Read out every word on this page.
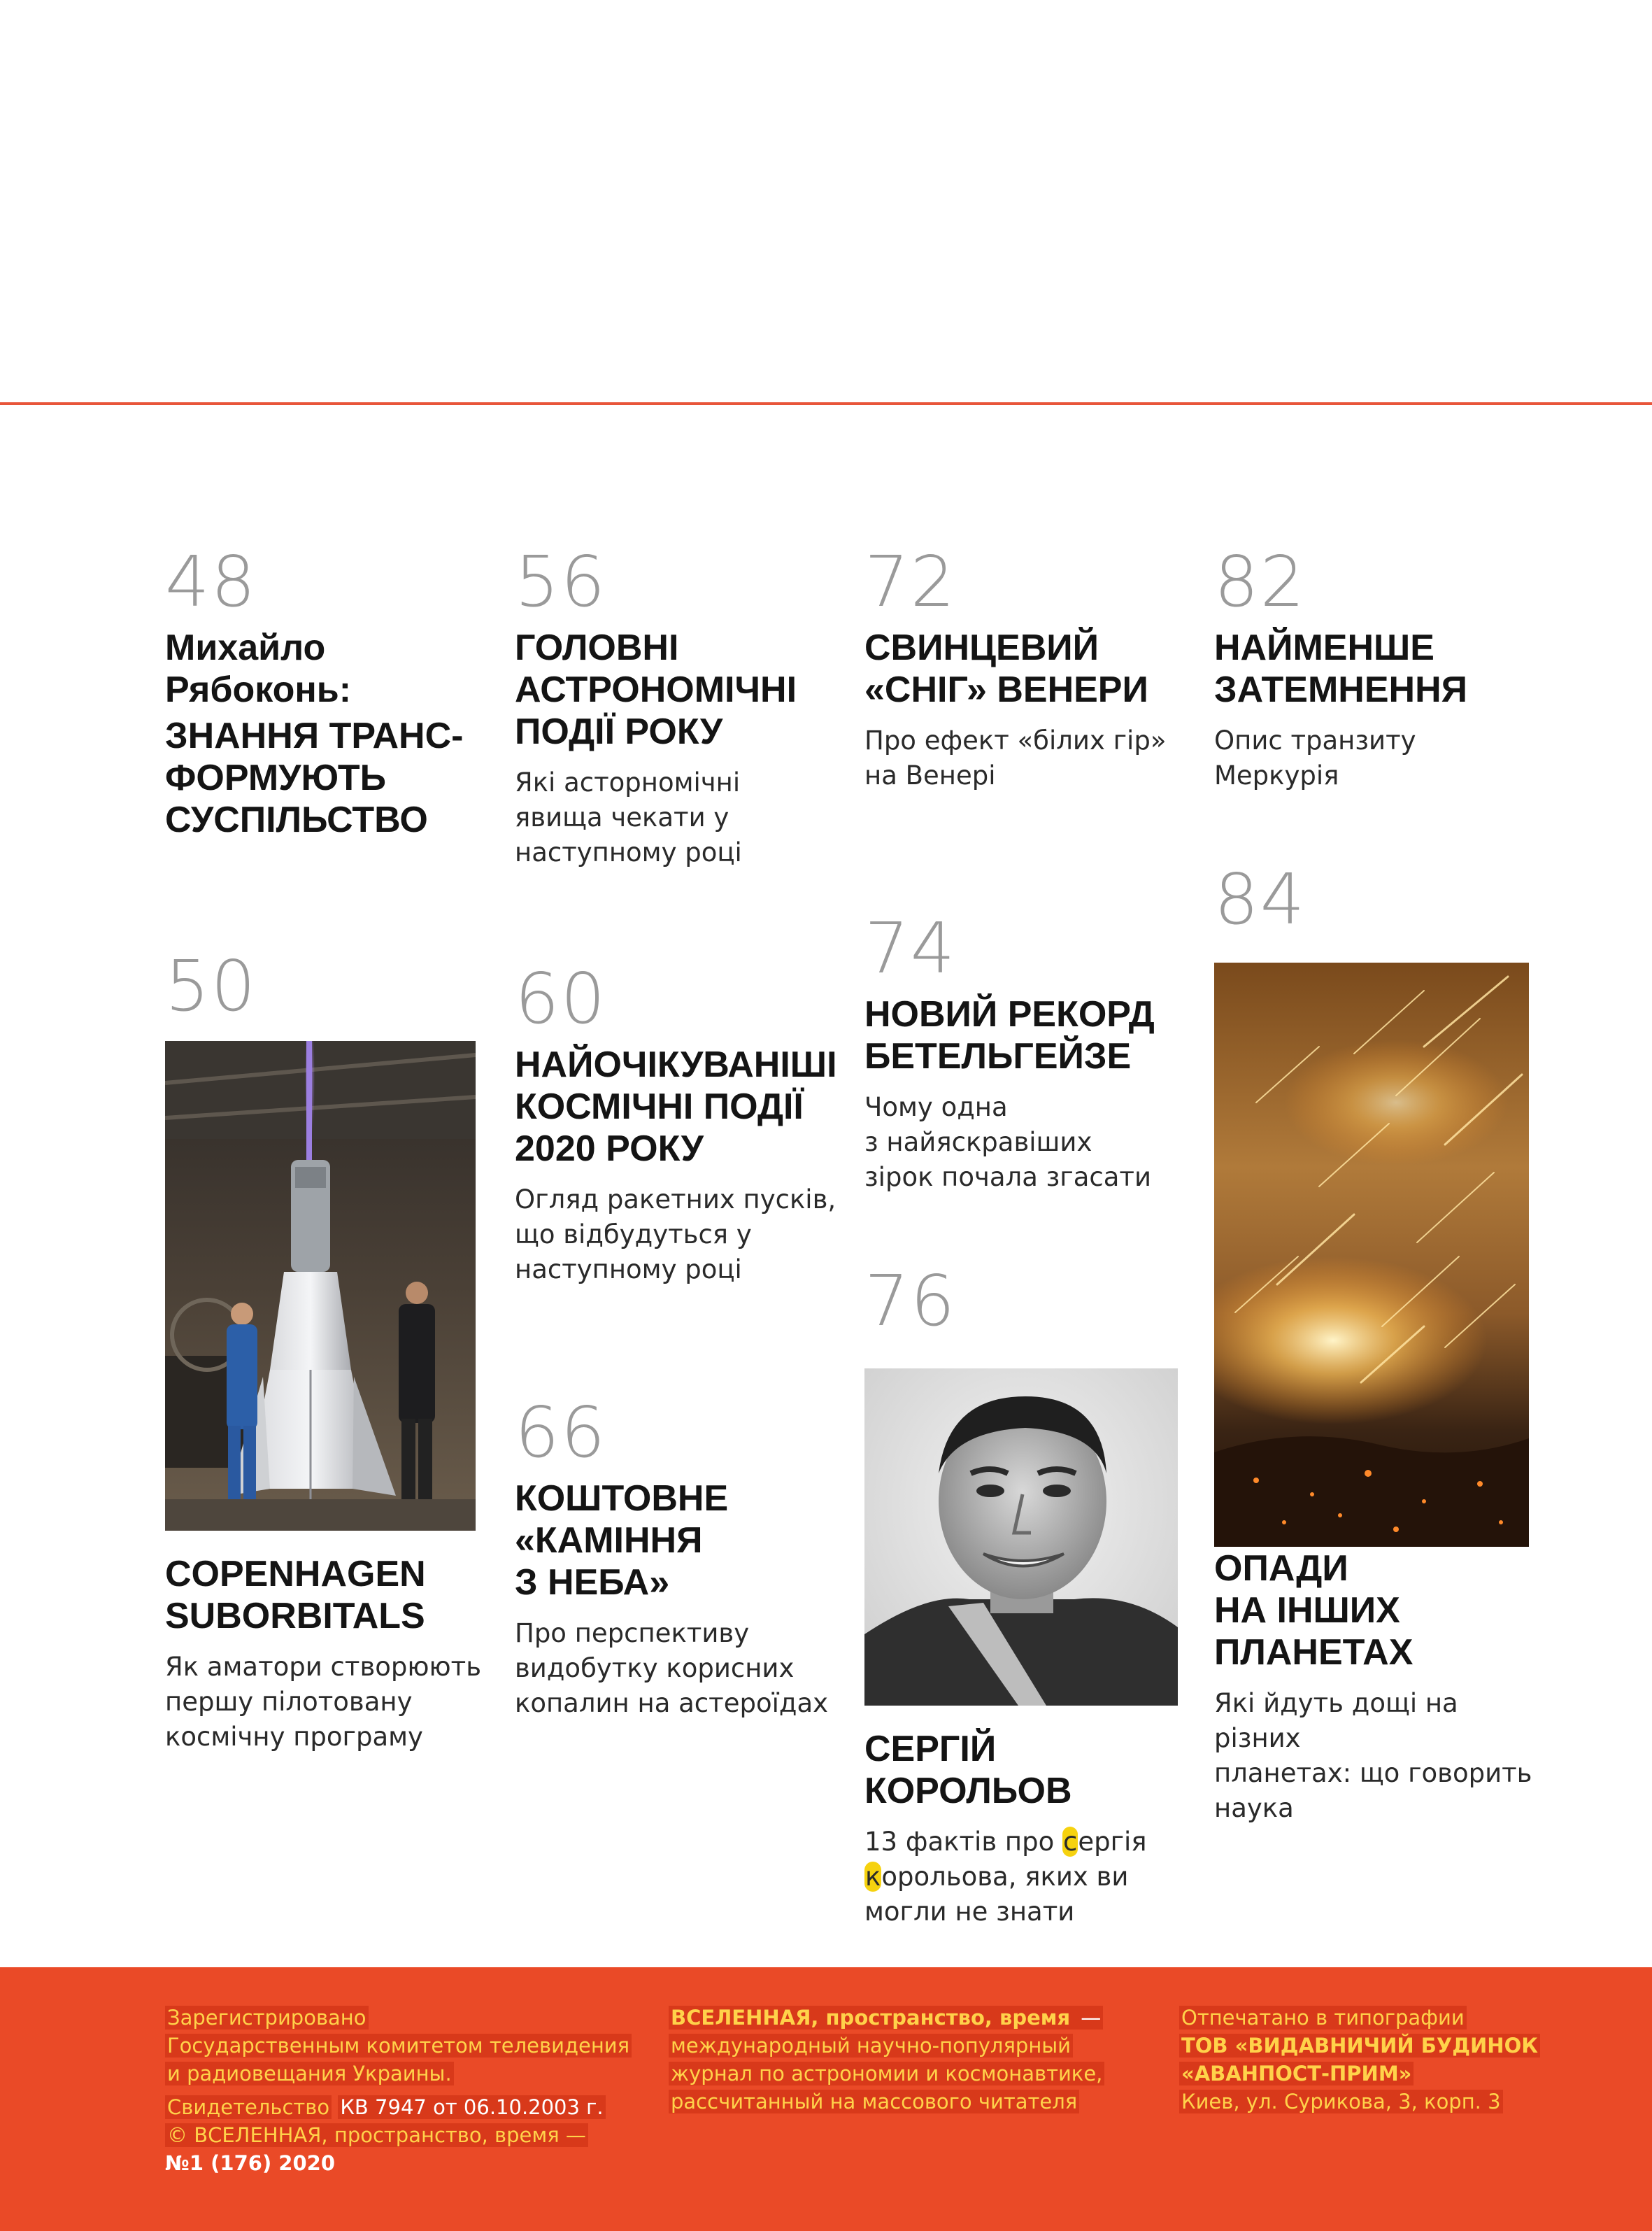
48
Михайло
Рябоконь:
ЗНАННЯ ТРАНС-
ФОРМУЮТЬ
СУСПІЛЬСТВО
50
COPENHAGEN
SUBORBITALS
Як аматори створюють
першу пілотовану
космічну програму
56
ГОЛОВНІ
АСТРОНОМІЧНІ
ПОДІЇ РОКУ
Які асторномічні
явища чекати у
наступному році
60
НАЙОЧІКУВАНІШІ
КОСМІЧНІ ПОДІЇ
2020 РОКУ
Огляд ракетних пусків,
що відбудуться у
наступному році
66
КОШТОВНЕ
«КАМІННЯ
З НЕБА»
Про перспективу
видобутку корисних
копалин на астероїдах
72
СВИНЦЕВИЙ
«СНІГ» ВЕНЕРИ
Про ефект «білих гір»
на Венері
74
НОВИЙ РЕКОРД
БЕТЕЛЬГЕЙЗЕ
Чому одна
з найяскравіших
зірок почала згасати
76
СЕРГІЙ
КОРОЛЬОВ
13 фактів про сергія
корольова, яких ви
могли не знати
82
НАЙМЕНШЕ
ЗАТЕМНЕННЯ
Опис транзиту Меркурія
84
ОПАДИ
НА ІНШИХ
ПЛАНЕТАХ
Які йдуть дощі на різних
планетах: що говорить
наука
Зарегистрировано
Государственным комитетом телевидения
и радиовещания Украины.
Свидетельство КВ 7947 от 06.10.2003 г.
© ВСЕЛЕННАЯ, пространство, время —
№1 (176) 2020
ВСЕЛЕННАЯ, пространство, время —
международный научно-популярный
журнал по астрономии и космонавтике,
рассчитанный на массового читателя
Отпечатано в типографии
ТОВ «ВИДАВНИЧИЙ БУДИНОК
«АВАНПОСТ-ПРИМ»
Киев, ул. Сурикова, 3, корп. 3
